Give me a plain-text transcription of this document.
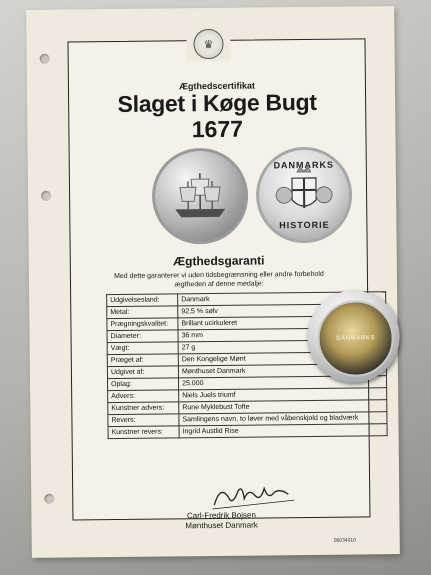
Ægthedscertifikat
Slaget i Køge Bugt
1677
DANMARKS
HISTORIE
Ægthedsgaranti
Med dette garanterer vi uden tidsbegrænsning eller andre forbehold ægtheden af denne medalje:
Udgivelsesland:	Danmark
Metal:	92,5 % sølv
Prægningskvalitet:	Brillant ucirkuleret
Diameter:	36 mm
Vægt:	27 g
Præget af:	Den Kongelige Mønt
Udgivet af:	Mønthuset Danmark
Oplag:	25.000
Advers:	Niels Juels triumf
Kunstner advers:	Rune Myklebust Tofte
Revers:	Samlingens navn, to løver med våbenskjold og bladværk
Kunstner revers:	Ingrid Austlid Rise
DANMARKS
Carl-Fredrik Bojsen
Mønthuset Danmark
06034010
♛
